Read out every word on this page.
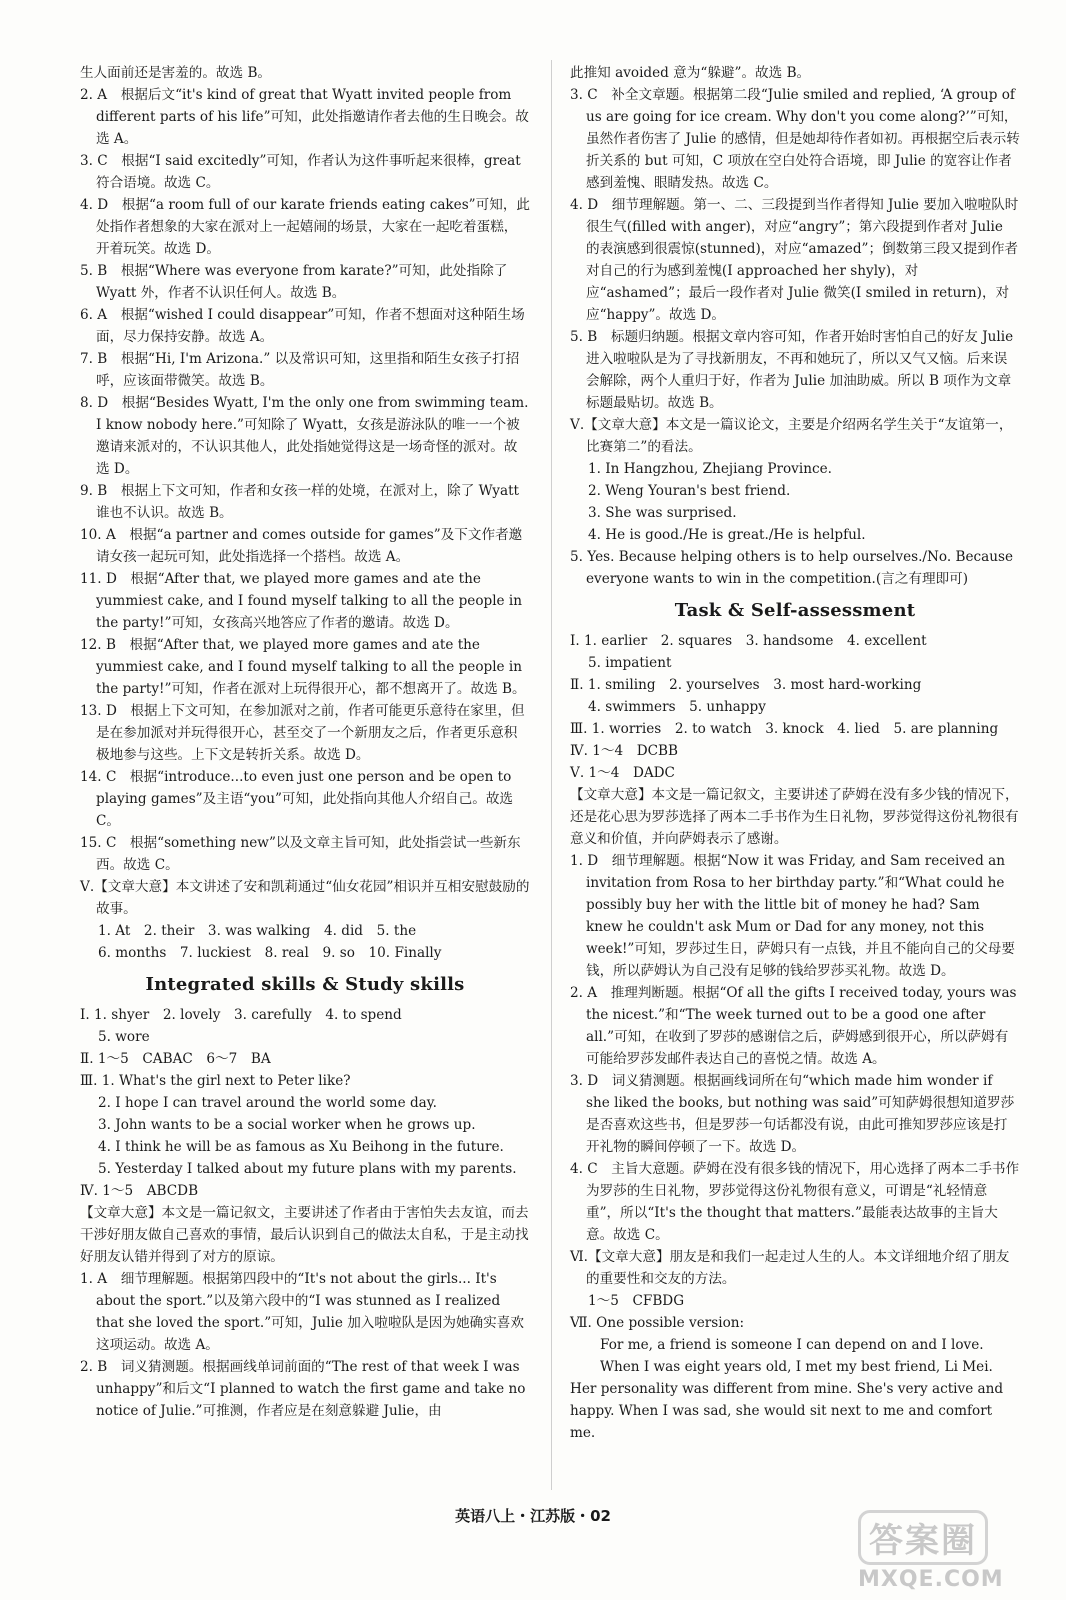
生人面前还是害羞的。故选 B。
2. A　根据后文“it's kind of great that Wyatt invited people from different parts of his life”可知，此处指邀请作者去他的生日晚会。故选 A。
3. C　根据“I said excitedly”可知，作者认为这件事听起来很棒，great 符合语境。故选 C。
4. D　根据“a room full of our karate friends eating cakes”可知，此处指作者想象的大家在派对上一起嬉闹的场景，大家在一起吃着蛋糕，开着玩笑。故选 D。
5. B　根据“Where was everyone from karate?”可知，此处指除了 Wyatt 外，作者不认识任何人。故选 B。
6. A　根据“wished I could disappear”可知，作者不想面对这种陌生场面，尽力保持安静。故选 A。
7. B　根据“Hi, I'm Arizona.” 以及常识可知，这里指和陌生女孩子打招呼，应该面带微笑。故选 B。
8. D　根据“Besides Wyatt, I'm the only one from swimming team. I know nobody here.”可知除了 Wyatt，女孩是游泳队的唯一一个被邀请来派对的，不认识其他人，此处指她觉得这是一场奇怪的派对。故选 D。
9. B　根据上下文可知，作者和女孩一样的处境，在派对上，除了 Wyatt 谁也不认识。故选 B。
10. A　根据“a partner and comes outside for games”及下文作者邀请女孩一起玩可知，此处指选择一个搭档。故选 A。
11. D　根据“After that, we played more games and ate the yummiest cake, and I found myself talking to all the people in the party!”可知，女孩高兴地答应了作者的邀请。故选 D。
12. B　根据“After that, we played more games and ate the yummiest cake, and I found myself talking to all the people in the party!”可知，作者在派对上玩得很开心，都不想离开了。故选 B。
13. D　根据上下文可知，在参加派对之前，作者可能更乐意待在家里，但是在参加派对并玩得很开心，甚至交了一个新朋友之后，作者更乐意积极地参与这些。上下文是转折关系。故选 D。
14. C　根据“introduce...to even just one person and be open to playing games”及主语“you”可知，此处指向其他人介绍自己。故选 C。
15. C　根据“something new”以及文章主旨可知，此处指尝试一些新东西。故选 C。
Ⅴ.【文章大意】本文讲述了安和凯莉通过“仙女花园”相识并互相安慰鼓励的故事。
1. At　2. their　3. was walking　4. did　5. the
6. months　7. luckiest　8. real　9. so　10. Finally
Integrated skills & Study skills
Ⅰ. 1. shyer　2. lovely　3. carefully　4. to spend
5. wore
Ⅱ. 1～5　CABAC　6～7　BA
Ⅲ. 1. What's the girl next to Peter like?
2. I hope I can travel around the world some day.
3. John wants to be a social worker when he grows up.
4. I think he will be as famous as Xu Beihong in the future.
5. Yesterday I talked about my future plans with my parents.
Ⅳ. 1～5　ABCDB
【文章大意】本文是一篇记叙文，主要讲述了作者由于害怕失去友谊，而去干涉好朋友做自己喜欢的事情，最后认识到自己的做法太自私，于是主动找好朋友认错并得到了对方的原谅。
1. A　细节理解题。根据第四段中的“It's not about the girls... It's about the sport.”以及第六段中的“I was stunned as I realized that she loved the sport.”可知，Julie 加入啦啦队是因为她确实喜欢这项运动。故选 A。
2. B　词义猜测题。根据画线单词前面的“The rest of that week I was unhappy”和后文“I planned to watch the first game and take no notice of Julie.”可推测，作者应是在刻意躲避 Julie，由
此推知 avoided 意为“躲避”。故选 B。
3. C　补全文章题。根据第二段“Julie smiled and replied, ‘A group of us are going for ice cream. Why don't you come along?’”可知，虽然作者伤害了 Julie 的感情，但是她却待作者如初。再根据空后表示转折关系的 but 可知，C 项放在空白处符合语境，即 Julie 的宽容让作者感到羞愧、眼睛发热。故选 C。
4. D　细节理解题。第一、二、三段提到当作者得知 Julie 要加入啦啦队时很生气(filled with anger)，对应“angry”；第六段提到作者对 Julie 的表演感到很震惊(stunned)，对应“amazed”；倒数第三段又提到作者对自己的行为感到羞愧(I approached her shyly)，对应“ashamed”；最后一段作者对 Julie 微笑(I smiled in return)，对应“happy”。故选 D。
5. B　标题归纳题。根据文章内容可知，作者开始时害怕自己的好友 Julie 进入啦啦队是为了寻找新朋友，不再和她玩了，所以又气又恼。后来误会解除，两个人重归于好，作者为 Julie 加油助威。所以 B 项作为文章标题最贴切。故选 B。
Ⅴ.【文章大意】本文是一篇议论文，主要是介绍两名学生关于“友谊第一，比赛第二”的看法。
1. In Hangzhou, Zhejiang Province.
2. Weng Youran's best friend.
3. She was surprised.
4. He is good./He is great./He is helpful.
5. Yes. Because helping others is to help ourselves./No. Because everyone wants to win in the competition.(言之有理即可)
Task & Self-assessment
Ⅰ. 1. earlier　2. squares　3. handsome　4. excellent
5. impatient
Ⅱ. 1. smiling　2. yourselves　3. most hard-working
4. swimmers　5. unhappy
Ⅲ. 1. worries　2. to watch　3. knock　4. lied　5. are planning
Ⅳ. 1～4　DCBB
Ⅴ. 1～4　DADC
【文章大意】本文是一篇记叙文，主要讲述了萨姆在没有多少钱的情况下，还是花心思为罗莎选择了两本二手书作为生日礼物，罗莎觉得这份礼物很有意义和价值，并向萨姆表示了感谢。
1. D　细节理解题。根据“Now it was Friday, and Sam received an invitation from Rosa to her birthday party.”和“What could he possibly buy her with the little bit of money he had? Sam knew he couldn't ask Mum or Dad for any money, not this week!”可知，罗莎过生日，萨姆只有一点钱，并且不能向自己的父母要钱，所以萨姆认为自己没有足够的钱给罗莎买礼物。故选 D。
2. A　推理判断题。根据“Of all the gifts I received today, yours was the nicest.”和“The week turned out to be a good one after all.”可知，在收到了罗莎的感谢信之后，萨姆感到很开心，所以萨姆有可能给罗莎发邮件表达自己的喜悦之情。故选 A。
3. D　词义猜测题。根据画线词所在句“which made him wonder if she liked the books, but nothing was said”可知萨姆很想知道罗莎是否喜欢这些书，但是罗莎一句话都没有说，由此可推知罗莎应该是打开礼物的瞬间停顿了一下。故选 D。
4. C　主旨大意题。萨姆在没有很多钱的情况下，用心选择了两本二手书作为罗莎的生日礼物，罗莎觉得这份礼物很有意义，可谓是“礼轻情意重”，所以“It's the thought that matters.”最能表达故事的主旨大意。故选 C。
Ⅵ.【文章大意】朋友是和我们一起走过人生的人。本文详细地介绍了朋友的重要性和交友的方法。
1～5　CFBDG
Ⅶ. One possible version:
For me, a friend is someone I can depend on and I love.
When I was eight years old, I met my best friend, Li Mei. Her personality was different from mine. She's very active and happy. When I was sad, she would sit next to me and comfort me.
英语八上・江苏版・02
答案圈
MXQE.COM
